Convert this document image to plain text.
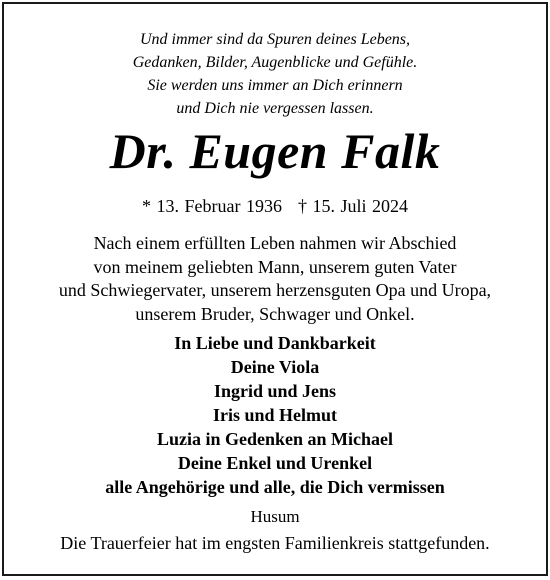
Und immer sind da Spuren deines Lebens,
Gedanken, Bilder, Augenblicke und Gefühle.
Sie werden uns immer an Dich erinnern
und Dich nie vergessen lassen.
Dr. Eugen Falk
* 13. Februar 1936 † 15. Juli 2024
Nach einem erfüllten Leben nahmen wir Abschied
von meinem geliebten Mann, unserem guten Vater
und Schwiegervater, unserem herzensguten Opa und Uropa,
unserem Bruder, Schwager und Onkel.
In Liebe und Dankbarkeit
Deine Viola
Ingrid und Jens
Iris und Helmut
Luzia in Gedenken an Michael
Deine Enkel und Urenkel
alle Angehörige und alle, die Dich vermissen
Husum
Die Trauerfeier hat im engsten Familienkreis stattgefunden.
